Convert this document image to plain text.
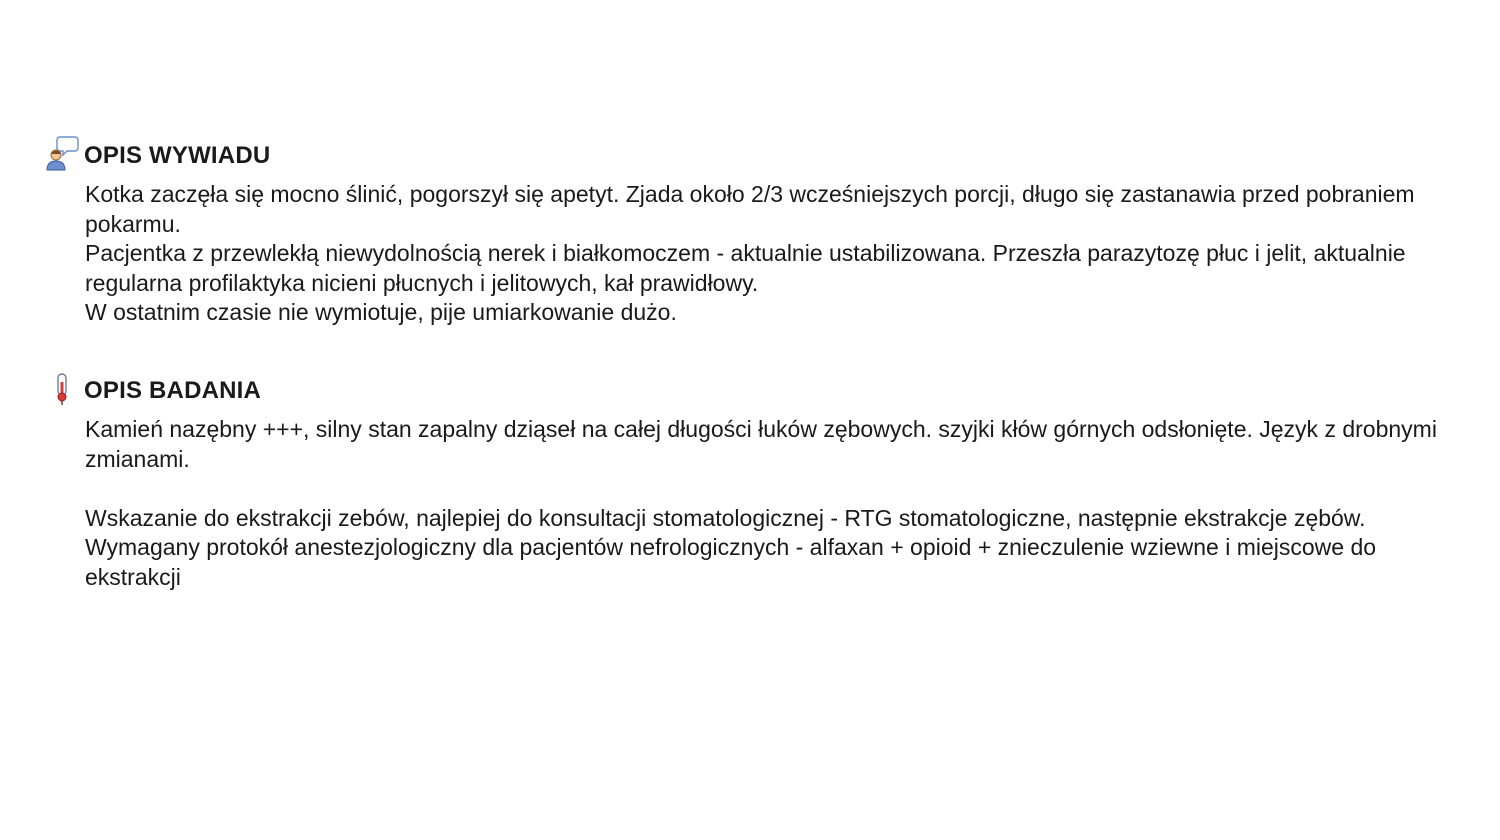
OPIS WYWIADU

Kotka zaczęła się mocno ślinić, pogorszył się apetyt. Zjada około 2/3 wcześniejszych porcji, długo się zastanawia przed pobraniem pokarmu.

Pacjentka z przewlekłą niewydolnością nerek i białkomoczem - aktualnie ustabilizowana. Przeszła parazytozę płuc i jelit, aktualnie regularna profilaktyka nicieni płucnych i jelitowych, kał prawidłowy.

W ostatnim czasie nie wymiotuje, pije umiarkowanie dużo.

OPIS BADANIA

Kamień nazębny +++, silny stan zapalny dziąseł na całej długości łuków zębowych. szyjki kłów górnych odsłonięte. Język z drobnymi zmianami.

Wskazanie do ekstrakcji zebów, najlepiej do konsultacji stomatologicznej - RTG stomatologiczne, następnie ekstrakcje zębów.

Wymagany protokół anestezjologiczny dla pacjentów nefrologicznych - alfaxan + opioid + znieczulenie wziewne i miejscowe do ekstrakcji
